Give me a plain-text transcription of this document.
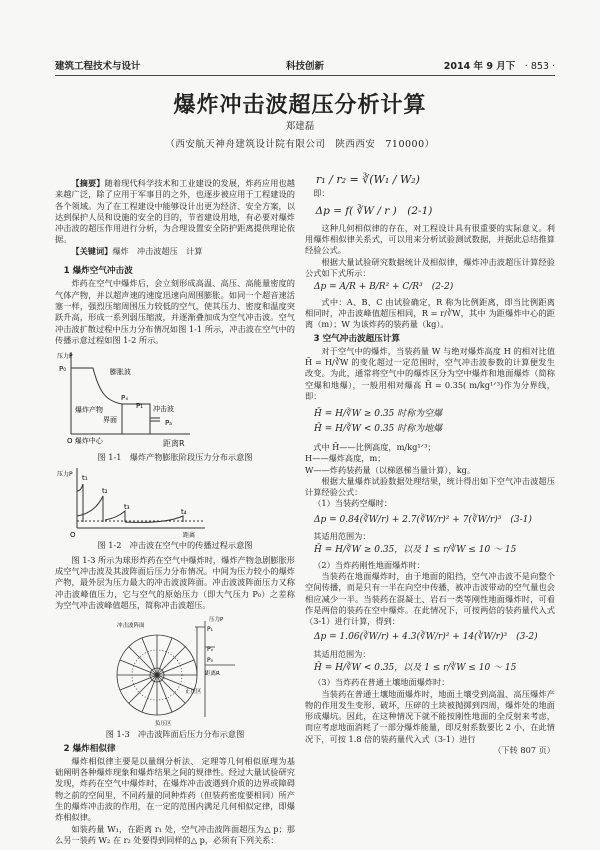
建筑工程技术与设计	科技创新	2014 年 9 月下　 · 853 ·
爆炸冲击波超压分析计算
郑建磊
（西安航天神舟建筑设计院有限公司　陕西西安　710000）

【摘要】随着现代科学技术和工业建设的发展，炸药应用也越来越广泛，除了应用于军事目的之外，也逐步被应用于工程建设的各个领域。为了在工程建设中能够设计出更为经济、安全方案，以达到保护人员和设施的安全的目的，节省建设用地，有必要对爆炸冲击波的超压作用进行分析，为合理设置安全防护距离提供理论依据。

【关键词】爆炸　冲击波超压　计算

1 爆炸空气冲击波

炸药在空气中爆炸后，会立刻形成高温、高压、高能量密度的气体产物，并以超声速的速度迅速向周围膨胀。如同一个超音速活塞一样，强烈压缩周围压力较低的空气，使其压力、密度和温度突跃升高，形成一系列弱压缩波，并逐渐叠加成为空气冲击波。空气冲击波扩散过程中压力分布情况如图 1-1 所示，冲击波在空气中的传播示意过程如图 1-2 所示。

压力P
P₀	膨胀波
Pₓ
P₁ 冲击波
爆炸产物
界面	Pₐ
O 爆炸中心	距离R
图 1-1　爆炸产物膨胀阶段压力分布示意图
压力P t₁
t₂
t₃
t₄
O	距离
图 1-2　冲击波在空气中的传播过程示意图

图 1-3 所示为球形炸药在空气中爆炸时，爆炸产物急剧膨胀形成空气冲击波及其波阵面后压力分布情况。中间为压力较小的爆炸产物，最外层为压力最大的冲击波波阵面。冲击波波阵面压力又称冲击波峰值压力，它与空气的原始压力（即大气压力 P₀）之差称为空气冲击波峰值超压，简称冲击波超压。

冲击波阵面
压力P
P₁
Pₓ
P₀
距离R
正压区
负压区
图 1-3　冲击波阵面后压力分布示意图
2 爆炸相似律

爆炸相似律主要是以量纲分析法、 定理等几何相似原理为基础阐明各种爆炸现象和爆炸结果之间的规律性。经过大量试验研究发现，炸药在空气中爆炸时，在爆炸冲击波遇到介质的边界或障碍物之前的空间里，不同药量的同种炸药（但装药密度要相同）所产生的爆炸冲击波的作用，在一定的范围内满足几何相似定律，即爆炸相似律。

如装药量 W₁，在距离 r₁ 处，空气冲击波阵面超压为△ p；那么另一装药 W₂ 在 r₂ 处要得到同样的△ p，必须有下列关系：

r₁ / r₂ = ∛(W₁ / W₂)
即：
Δp = f( ∛W / r )　(2-1)

这种几何相似律的存在，对工程设计具有很重要的实际意义。利用爆炸相似律关系式，可以用来分析试验测试数据，并据此总结推算经验公式。

根据大量试验研究数据统计及相似律，爆炸冲击波超压计算经验公式如下式所示：

Δp = A/R + B/R² + C/R³　(2-2)

式中：A、B、C 由试验确定，R 称为比例距离，即当比例距离相同时，冲击波峰值超压相同，R = r/∛W，其中 为距爆炸中心的距离（m）；W 为该炸药的装药量（kg）。

3 空气冲击波超压计算

对于空气中的爆炸，当装药量 W 与绝对爆炸高度 H 的相对比值 H̄ = H/∛W 的变化超过一定范围时，空气冲击波参数的计算便发生改变。为此，通常将空气中的爆炸区分为空中爆炸和地面爆炸（简称空爆和地爆），一般用相对爆高 H̄ = 0.35( m/kg¹ᐟ³)作为分界线，即：

H̄ = H/∛W ≥ 0.35 时称为空爆
H̄ = H/∛W < 0.35 时称为地爆
式中 H̄——比例高度，m/kg¹ᐟ³；
H——爆炸高度，m；
W——炸药装药量（以梯恩梯当量计算），kg。

根据大量爆炸试验数据处理结果，统计得出如下空气冲击波超压计算经验公式：

（1）当装药空爆时：
Δp = 0.84(∛W/r) + 2.7(∛W/r)² + 7(∛W/r)³　(3-1)
其适用范围为：
H̄ = H/∛W ≥ 0.35，以及 1 ≤ r/∛W ≤ 10 ～ 15
（2）当炸药刚性地面爆炸时：

当装药在地面爆炸时，由于地面的阻挡，空气冲击波不是向整个空间传播，而是只有一半在向空中传播，被冲击波带动的空气量也会相应减少一半。当装药在混凝土、岩石一类等刚性地面爆炸时，可看作是两倍的装药在空中爆炸。在此情况下，可按两倍的装药量代入式（3-1）进行计算，得到：

Δp = 1.06(∛W/r) + 4.3(∛W/r)² + 14(∛W/r)³　(3-2)
其适用范围为：
H̄ = H/∛W < 0.35，以及 1 ≤ r/∛W ≤ 10 ～ 15
（3）当炸药在普通土壤地面爆炸时：

当装药在普通土壤地面爆炸时，地面土壤受到高温、高压爆炸产物的作用发生变形、破坏，压碎的土块被抛掷到四周，爆炸处的地面形成爆坑。因此，在这种情况下就不能按刚性地面的全反射来考虑，而应考虑地面消耗了一部分爆炸能量，即反射系数要比 2 小，在此情况下，可按 1.8 倍的装药量代入式（3-1）进行

（下转 807 页）
